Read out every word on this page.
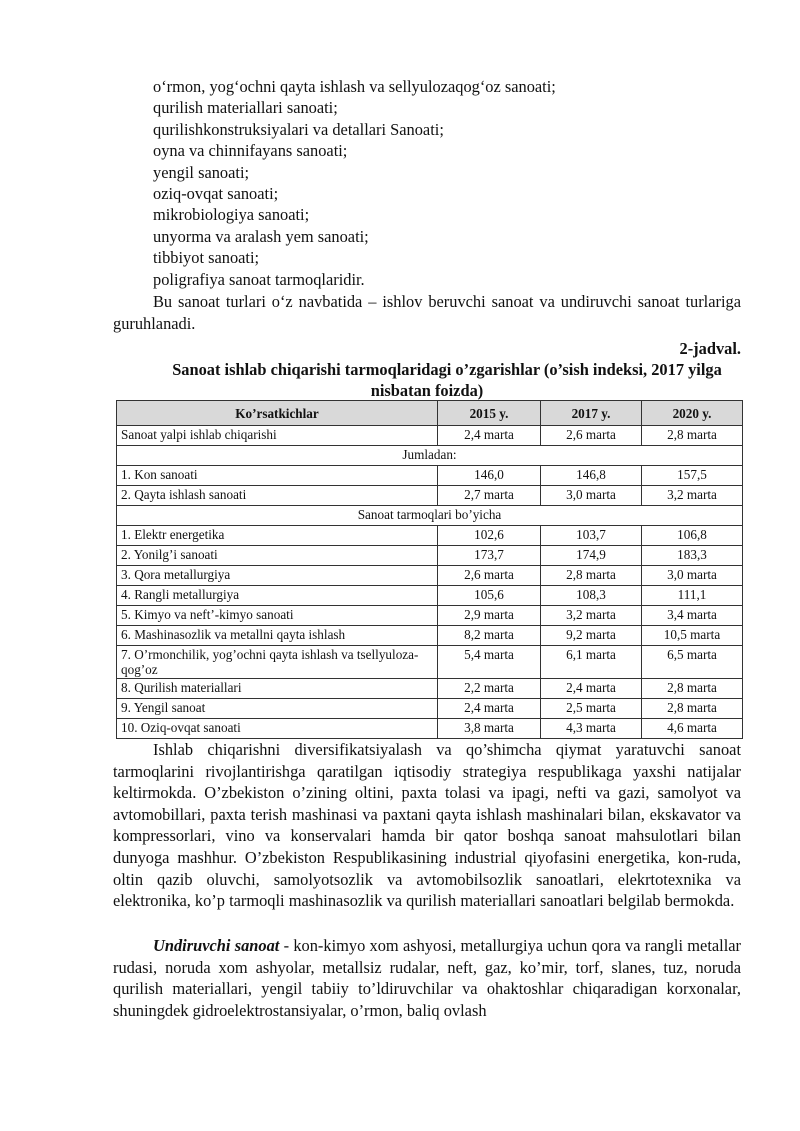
o‘rmon, yog‘ochni qayta ishlash va sellyulozaqog‘oz sanoati;
qurilish materiallari sanoati;
qurilishkonstruksiyalari va detallari Sanoati;
oyna va chinnifayans sanoati;
yengil sanoati;
oziq-ovqat sanoati;
mikrobiologiya sanoati;
unyorma va aralash yem sanoati;
tibbiyot sanoati;
poligrafiya sanoat tarmoqlaridir.

Bu sanoat turlari o‘z navbatida – ishlov beruvchi sanoat va undiruvchi sanoat turlariga guruhlanadi.

2-jadval.

Sanoat ishlab chiqarishi tarmoqlaridagi o’zgarishlar (o’sish indeksi, 2017 yilga nisbatan foizda)

Ko’rsatkichlar	2015 y.	2017 y.	2020 y.
Sanoat yalpi ishlab chiqarishi	2,4 marta	2,6 marta	2,8 marta
Jumladan:			
1. Kon sanoati	146,0	146,8	157,5
2. Qayta ishlash sanoati	2,7 marta	3,0 marta	3,2 marta
Sanoat tarmoqlari bo’yicha			
1. Elektr energetika	102,6	103,7	106,8
2. Yonilg’i sanoati	173,7	174,9	183,3
3. Qora metallurgiya	2,6 marta	2,8 marta	3,0 marta
4. Rangli metallurgiya	105,6	108,3	111,1
5. Kimyo va neft’-kimyo sanoati	2,9 marta	3,2 marta	3,4 marta
6. Mashinasozlik va metallni qayta ishlash	8,2 marta	9,2 marta	10,5 marta
7. O’rmonchilik, yog’ochni qayta ishlash va tsellyuloza-qog’oz	5,4 marta	6,1 marta	6,5 marta
8. Qurilish materiallari	2,2 marta	2,4 marta	2,8 marta
9. Yengil sanoat	2,4 marta	2,5 marta	2,8 marta
10. Oziq-ovqat sanoati	3,8 marta	4,3 marta	4,6 marta

Ishlab chiqarishni diversifikatsiyalash va qo’shimcha qiymat yaratuvchi sanoat tarmoqlarini rivojlantirishga qaratilgan iqtisodiy strategiya respublikaga yaxshi natijalar keltirmokda. O’zbekiston o’zining oltini, paxta tolasi va ipagi, nefti va gazi, samolyot va avtomobillari, paxta terish mashinasi va paxtani qayta ishlash mashinalari bilan, ekskavator va kompressorlari, vino va konservalari hamda bir qator boshqa sanoat mahsulotlari bilan dunyoga mashhur. O’zbekiston Respublikasining industrial qiyofasini energetika, kon-ruda, oltin qazib oluvchi, samolyotsozlik va avtomobilsozlik sanoatlari, elekrtotexnika va elektronika, ko’p tarmoqli mashinasozlik va qurilish materiallari sanoatlari belgilab bermokda.

Undiruvchi sanoat - kon-kimyo xom ashyosi, metallurgiya uchun qora va rangli metallar rudasi, noruda xom ashyolar, metallsiz rudalar, neft, gaz, ko’mir, torf, slanes, tuz, noruda qurilish materiallari, yengil tabiiy to’ldiruvchilar va ohaktoshlar chiqaradigan korxonalar, shuningdek gidroelektrostansiyalar, o’rmon, baliq ovlash
